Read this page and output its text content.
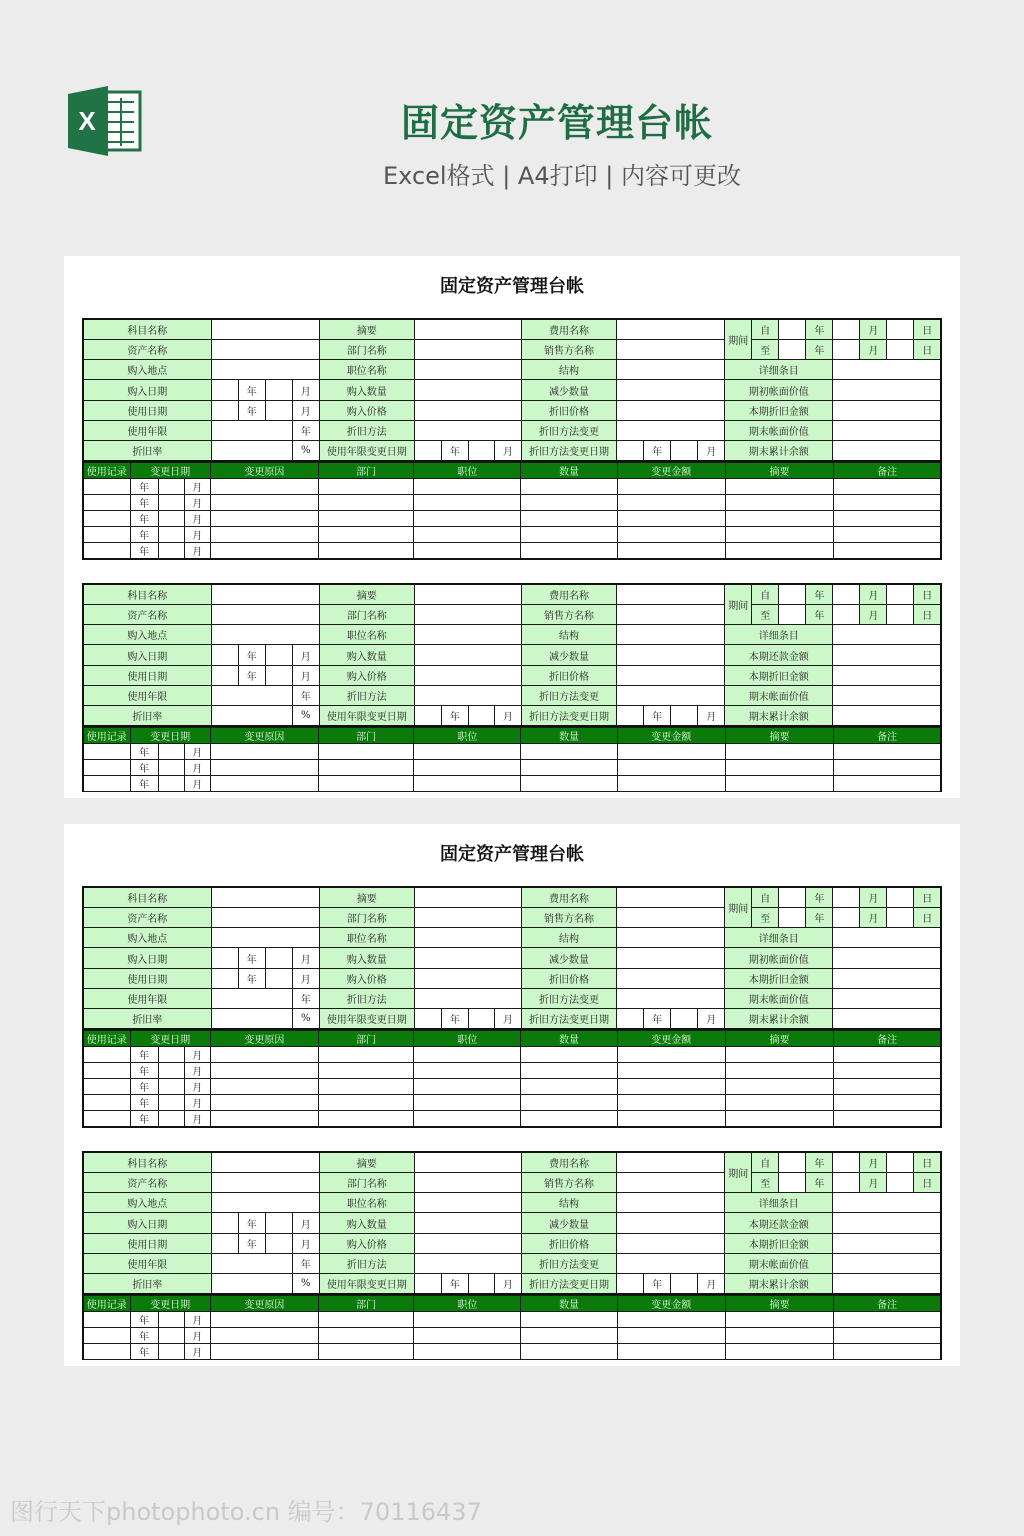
X	固定资产管理台帐
Excel格式 | A4打印 | 内容可更改
固定资产管理台帐
科目名称					摘要					费用名称					期间	自		年		月		日
资产名称					部门名称					销售方名称						至		年		月		日
购入地点					职位名称					结构					详细条目							
购入日期		年		月	购入数量					减少数量					期初帐面价值							
使用日期		年		月	购入价格					折旧价格					本期折旧金额							
使用年限				年	折旧方法					折旧方法变更					期末帐面价值							
折旧率				%	使用年限变更日期		年		月	折旧方法变更日期		年		月	期末累计余额							
使用记录	变更日期			变更原因	部门	职位	数量	变更金额	摘要	备注
	年		月							
	年		月							
	年		月							
	年		月							
	年		月							
科目名称					摘要					费用名称					期间	自		年		月		日
资产名称					部门名称					销售方名称						至		年		月		日
购入地点					职位名称					结构					详细条目							
购入日期		年		月	购入数量					减少数量					本期还款金额							
使用日期		年		月	购入价格					折旧价格					本期折旧金额							
使用年限				年	折旧方法					折旧方法变更					期末帐面价值							
折旧率				%	使用年限变更日期		年		月	折旧方法变更日期		年		月	期末累计余额							
使用记录	变更日期			变更原因	部门	职位	数量	变更金额	摘要	备注
	年		月							
	年		月							
	年		月							
固定资产管理台帐
科目名称					摘要					费用名称					期间	自		年		月		日
资产名称					部门名称					销售方名称						至		年		月		日
购入地点					职位名称					结构					详细条目							
购入日期		年		月	购入数量					减少数量					期初帐面价值							
使用日期		年		月	购入价格					折旧价格					本期折旧金额							
使用年限				年	折旧方法					折旧方法变更					期末帐面价值							
折旧率				%	使用年限变更日期		年		月	折旧方法变更日期		年		月	期末累计余额							
使用记录	变更日期			变更原因	部门	职位	数量	变更金额	摘要	备注
	年		月							
	年		月							
	年		月							
	年		月							
	年		月							
科目名称					摘要					费用名称					期间	自		年		月		日
资产名称					部门名称					销售方名称						至		年		月		日
购入地点					职位名称					结构					详细条目							
购入日期		年		月	购入数量					减少数量					本期还款金额							
使用日期		年		月	购入价格					折旧价格					本期折旧金额							
使用年限				年	折旧方法					折旧方法变更					期末帐面价值							
折旧率				%	使用年限变更日期		年		月	折旧方法变更日期		年		月	期末累计余额							
使用记录	变更日期			变更原因	部门	职位	数量	变更金额	摘要	备注
	年		月							
	年		月							
	年		月							
图行天下photophoto.cn 编号：70116437
